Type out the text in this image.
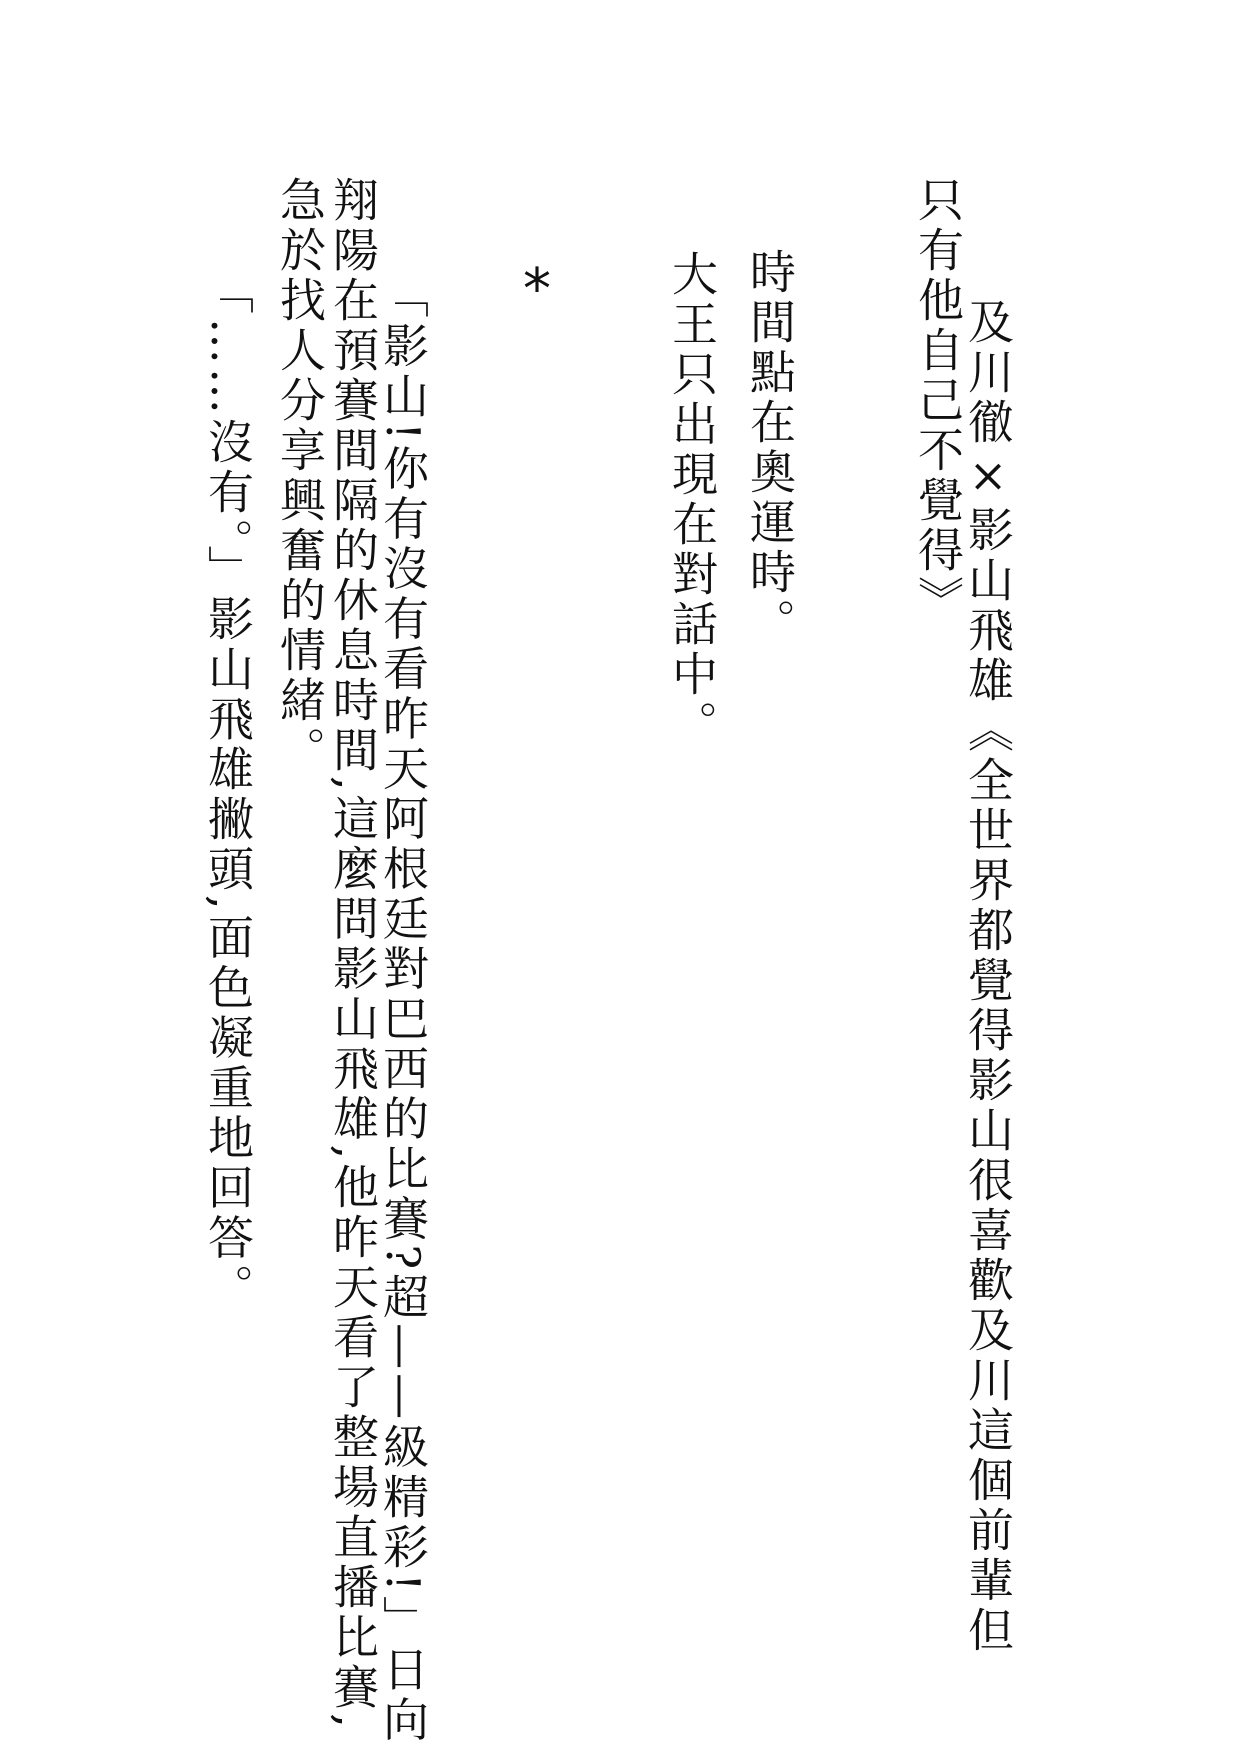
及川徹×影山飛雄《全世界都覺得影山很喜歡及川這個前輩但

只有他自己不覺得》

時間點在奧運時。

大王只出現在對話中。

*

「影山!你有沒有看昨天阿根廷對巴西的比賽?超——級精彩!」日向

翔陽在預賽間隔的休息時間,這麼問影山飛雄,他昨天看了整場直播比賽,

急於找人分享興奮的情緒。

「……沒有。」影山飛雄撇頭,面色凝重地回答。
